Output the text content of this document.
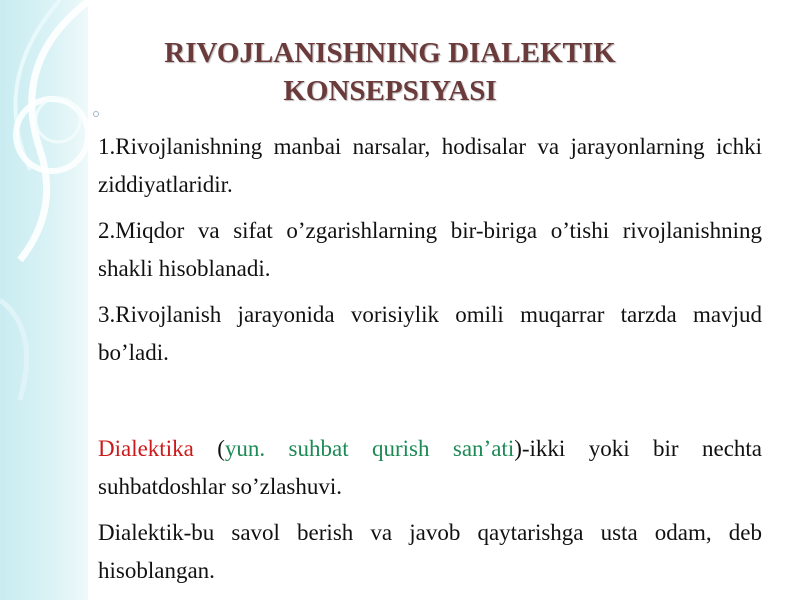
RIVOJLANISHNING DIALEKTIK
KONSEPSIYASI

1.Rivojlanishning manbai narsalar, hodisalar va jarayonlarning ichki ziddiyatlaridir.

2.Miqdor va sifat o’zgarishlarning bir-biriga o’tishi rivojlanishning shakli hisoblanadi.

3.Rivojlanish jarayonida vorisiylik omili muqarrar tarzda mavjud bo’ladi.

Dialektika (yun. suhbat qurish san’ati)-ikki yoki bir nechta suhbatdoshlar so’zlashuvi.

Dialektik-bu savol berish va javob qaytarishga usta odam, deb hisoblangan.
